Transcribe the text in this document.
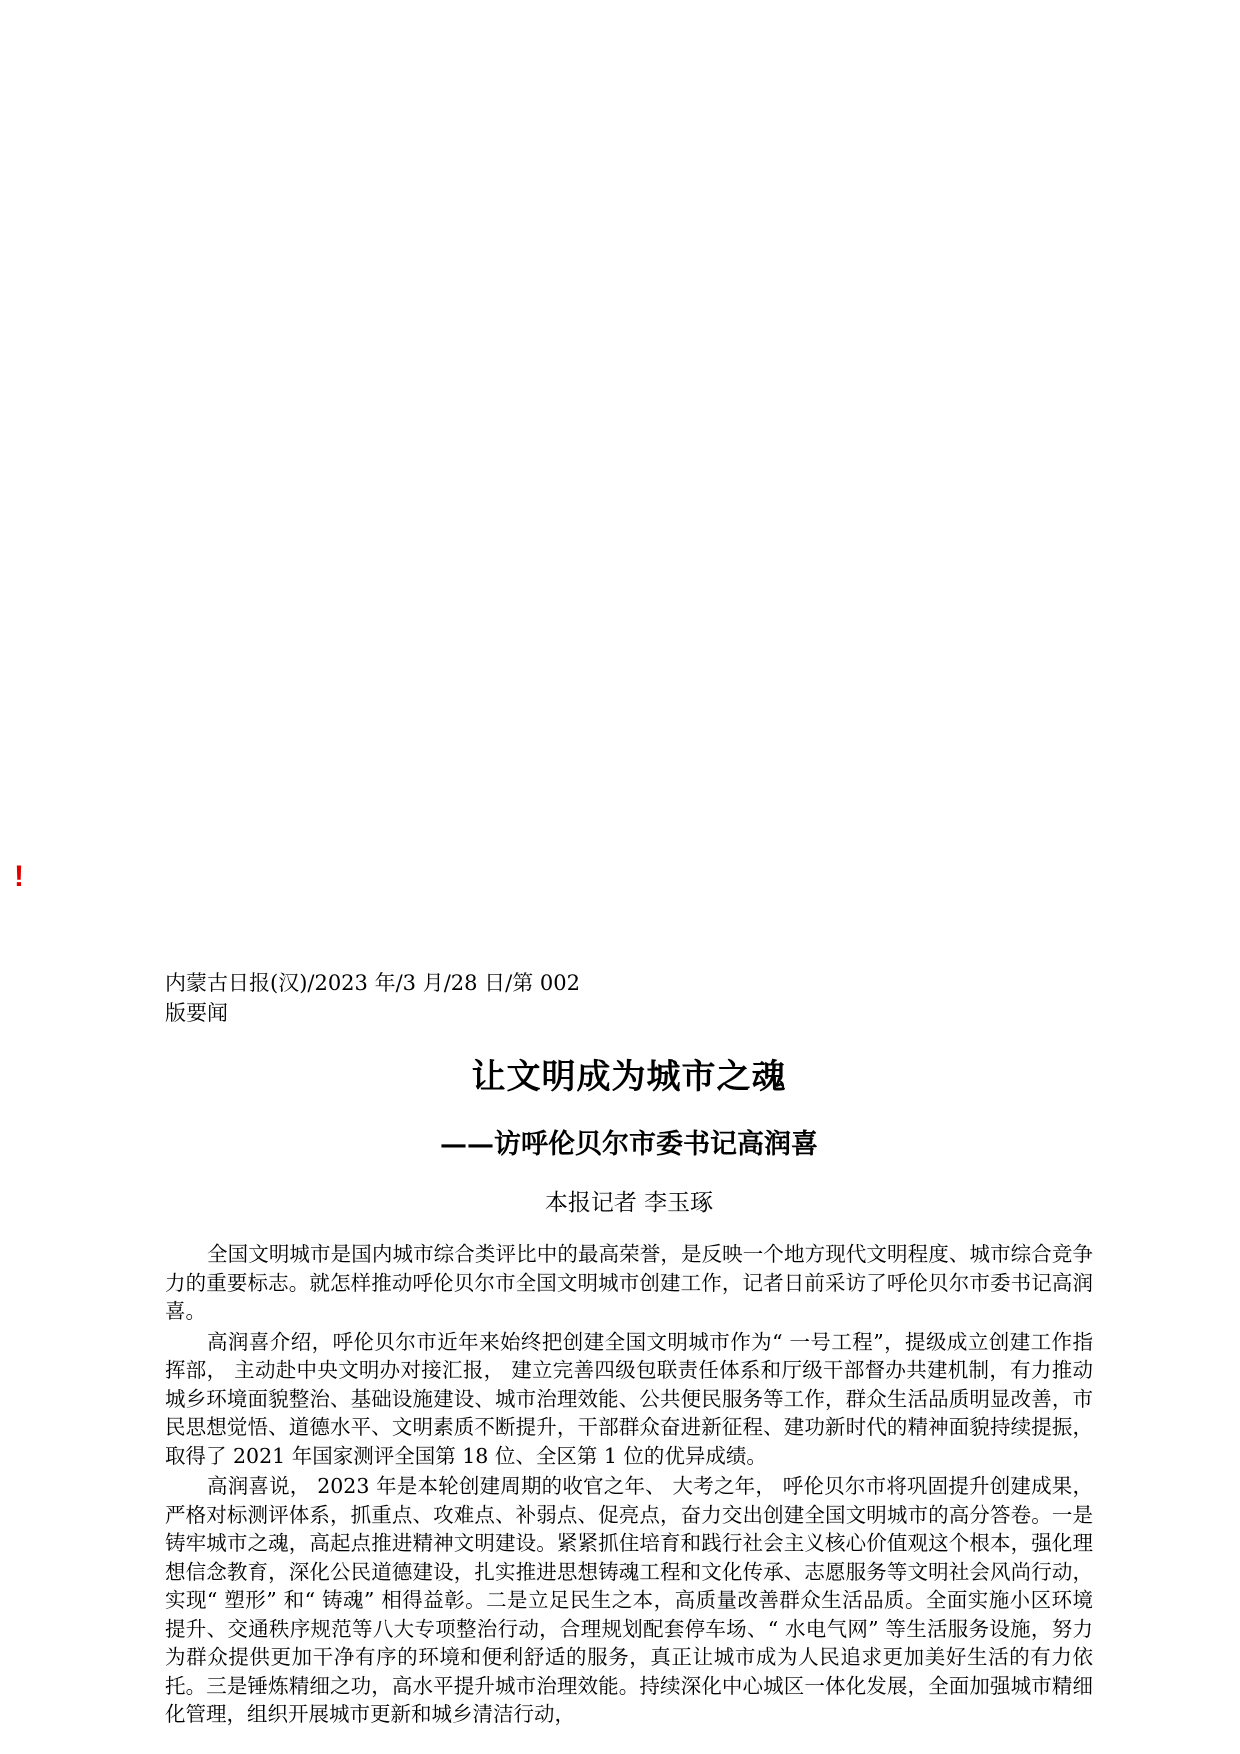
!

内蒙古日报(汉)/2023 年/3 月/28 日/第 002

版要闻

让文明成为城市之魂
——访呼伦贝尔市委书记高润喜

本报记者 李玉琢

全国文明城市是国内城市综合类评比中的最高荣誉，是反映一个地方现代文明程度、城市综合竞争力的重要标志。就怎样推动呼伦贝尔市全国文明城市创建工作，记者日前采访了呼伦贝尔市委书记高润喜。

高润喜介绍，呼伦贝尔市近年来始终把创建全国文明城市作为“ 一号工程”，提级成立创建工作指挥部， 主动赴中央文明办对接汇报， 建立完善四级包联责任体系和厅级干部督办共建机制，有力推动城乡环境面貌整治、基础设施建设、城市治理效能、公共便民服务等工作，群众生活品质明显改善，市民思想觉悟、道德水平、文明素质不断提升，干部群众奋进新征程、建功新时代的精神面貌持续提振，取得了 2021 年国家测评全国第 18 位、全区第 1 位的优异成绩。

高润喜说， 2023 年是本轮创建周期的收官之年、 大考之年， 呼伦贝尔市将巩固提升创建成果，严格对标测评体系，抓重点、攻难点、补弱点、促亮点，奋力交出创建全国文明城市的高分答卷。一是铸牢城市之魂，高起点推进精神文明建设。紧紧抓住培育和践行社会主义核心价值观这个根本，强化理想信念教育，深化公民道德建设，扎实推进思想铸魂工程和文化传承、志愿服务等文明社会风尚行动，实现“ 塑形” 和“ 铸魂” 相得益彰。二是立足民生之本，高质量改善群众生活品质。全面实施小区环境提升、交通秩序规范等八大专项整治行动，合理规划配套停车场、“ 水电气网” 等生活服务设施，努力为群众提供更加干净有序的环境和便利舒适的服务，真正让城市成为人民追求更加美好生活的有力依托。三是锤炼精细之功，高水平提升城市治理效能。持续深化中心城区一体化发展，全面加强城市精细化管理，组织开展城市更新和城乡清洁行动，
